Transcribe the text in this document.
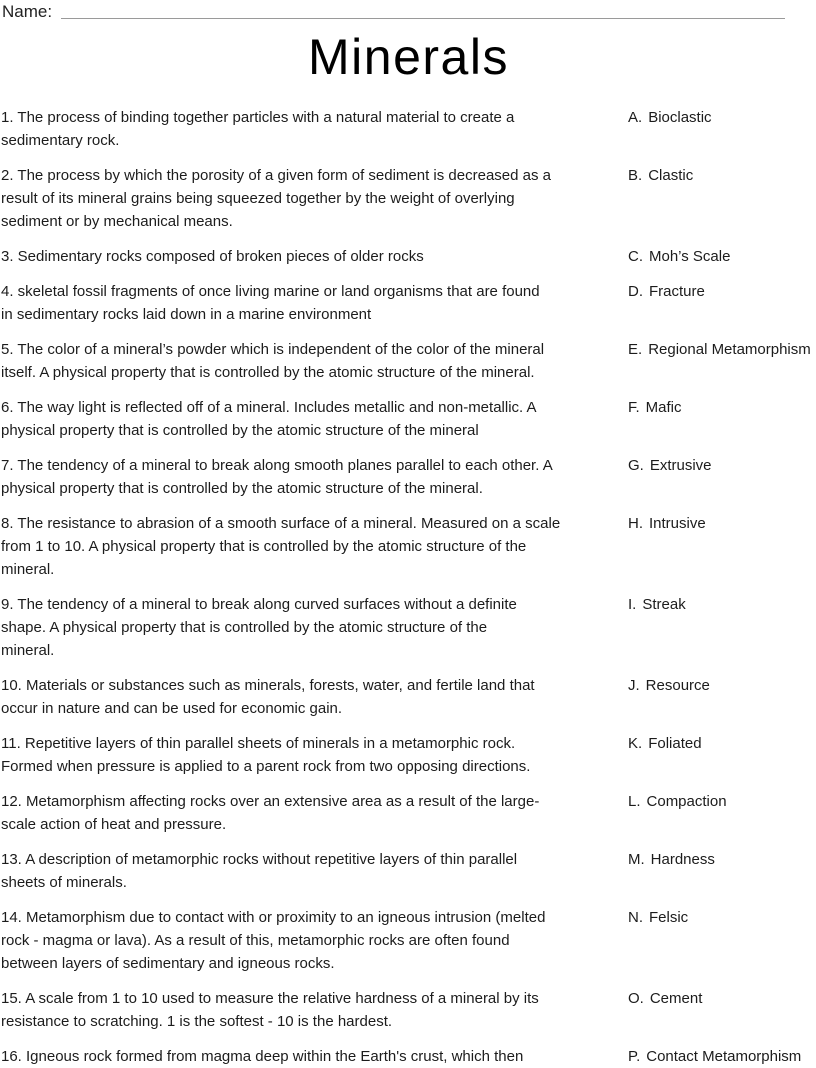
Name:
Minerals
1. The process of binding together particles with a natural material to create a
sedimentary rock.
A. Bioclastic
2. The process by which the porosity of a given form of sediment is decreased as a
result of its mineral grains being squeezed together by the weight of overlying
sediment or by mechanical means.
B. Clastic
3. Sedimentary rocks composed of broken pieces of older rocks	C. Moh’s Scale
4. skeletal fossil fragments of once living marine or land organisms that are found
in sedimentary rocks laid down in a marine environment
D. Fracture
5. The color of a mineral’s powder which is independent of the color of the mineral
itself. A physical property that is controlled by the atomic structure of the mineral.
E. Regional Metamorphism
6. The way light is reflected off of a mineral. Includes metallic and non-metallic. A
physical property that is controlled by the atomic structure of the mineral
F. Mafic
7. The tendency of a mineral to break along smooth planes parallel to each other. A
physical property that is controlled by the atomic structure of the mineral.
G. Extrusive
8. The resistance to abrasion of a smooth surface of a mineral. Measured on a scale
from 1 to 10. A physical property that is controlled by the atomic structure of the
mineral.
H. Intrusive
9. The tendency of a mineral to break along curved surfaces without a definite
shape. A physical property that is controlled by the atomic structure of the
mineral.
I. Streak
10. Materials or substances such as minerals, forests, water, and fertile land that
occur in nature and can be used for economic gain.
J. Resource
11. Repetitive layers of thin parallel sheets of minerals in a metamorphic rock.
Formed when pressure is applied to a parent rock from two opposing directions.
K. Foliated
12. Metamorphism affecting rocks over an extensive area as a result of the large-
scale action of heat and pressure.
L. Compaction
13. A description of metamorphic rocks without repetitive layers of thin parallel
sheets of minerals.
M. Hardness
14. Metamorphism due to contact with or proximity to an igneous intrusion (melted
rock - magma or lava). As a result of this, metamorphic rocks are often found
between layers of sedimentary and igneous rocks.
N. Felsic
15. A scale from 1 to 10 used to measure the relative hardness of a mineral by its
resistance to scratching. 1 is the softest - 10 is the hardest.
O. Cement
16. Igneous rock formed from magma deep within the Earth's crust, which then	P. Contact Metamorphism
